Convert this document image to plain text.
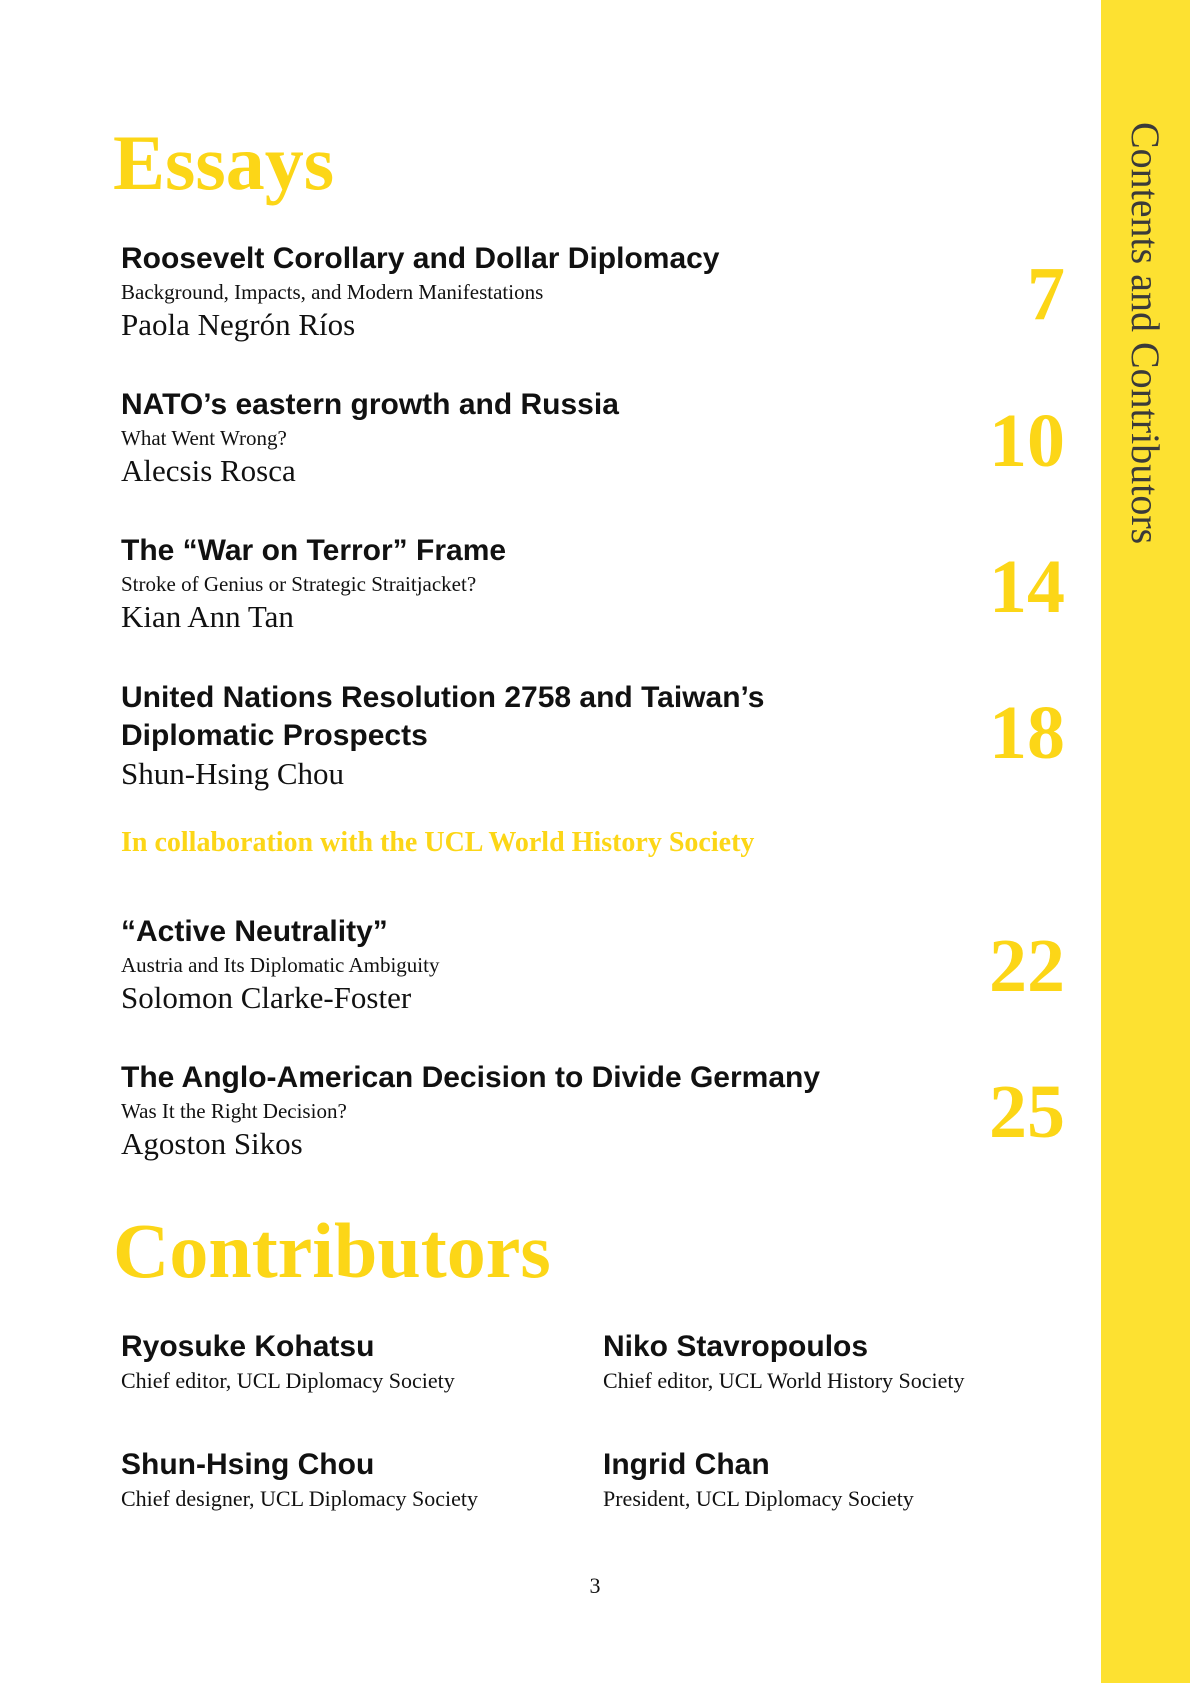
Contents and Contributors
Essays
Roosevelt Corollary and Dollar Diplomacy
Background, Impacts, and Modern Manifestations
Paola Negrón Ríos	7
NATO’s eastern growth and Russia
What Went Wrong?
Alecsis Rosca	10
The “War on Terror” Frame
Stroke of Genius or Strategic Straitjacket?
Kian Ann Tan	14
United Nations Resolution 2758 and Taiwan’s Diplomatic Prospects
Shun-Hsing Chou	18
In collaboration with the UCL World History Society
“Active Neutrality”
Austria and Its Diplomatic Ambiguity
Solomon Clarke-Foster	22
The Anglo-American Decision to Divide Germany
Was It the Right Decision?
Agoston Sikos	25
Contributors
Ryosuke Kohatsu
Chief editor, UCL Diplomacy Society
Niko Stavropoulos
Chief editor, UCL World History Society
Shun-Hsing Chou
Chief designer, UCL Diplomacy Society
Ingrid Chan
President, UCL Diplomacy Society
3
